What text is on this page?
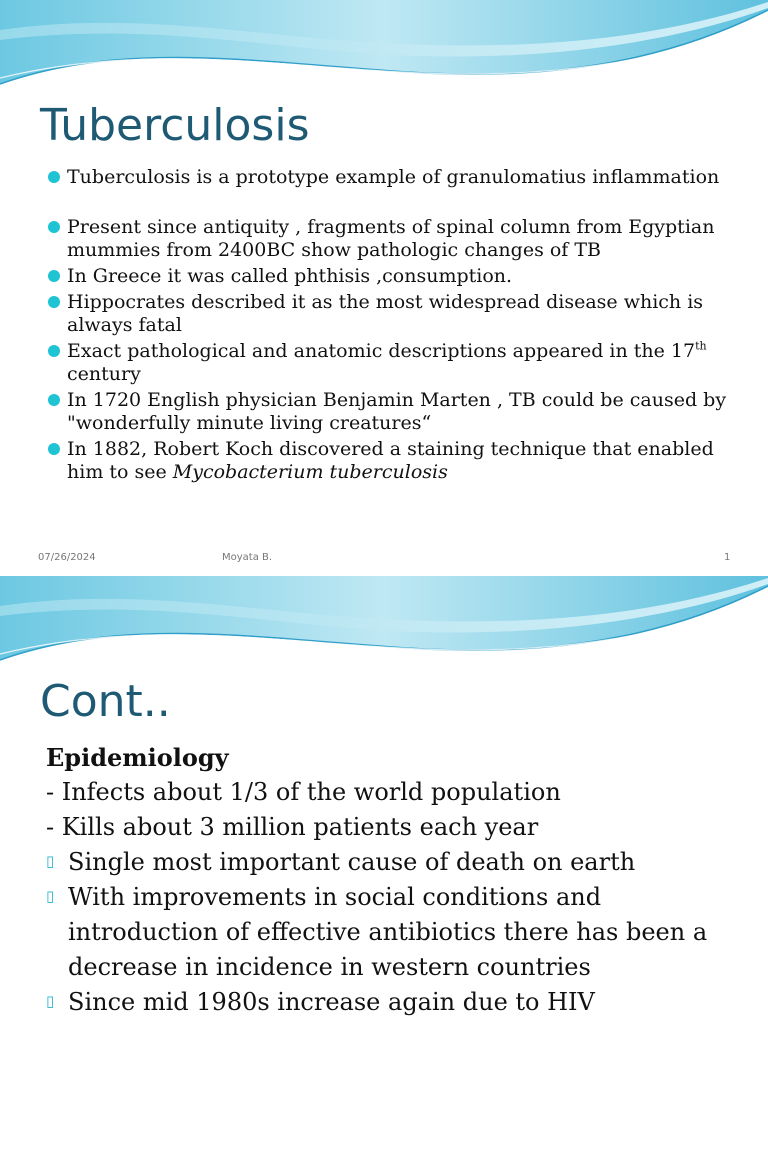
Tuberculosis
Tuberculosis is a prototype example of granulomatius inflammation
Present since antiquity , fragments of spinal column from Egyptian mummies from 2400BC show pathologic changes of TB
In Greece it was called phthisis ,consumption.
Hippocrates described it as the most widespread disease which is always fatal
Exact pathological and anatomic descriptions appeared in the 17th century
In 1720 English physician Benjamin Marten , TB could be caused by "wonderfully minute living creatures“
In 1882, Robert Koch discovered a staining technique that enabled him to see Mycobacterium tuberculosis
07/26/2024	Moyata B.	1
Cont..

Epidemiology

- Infects about 1/3 of the world population

- Kills about 3 million patients each year

▯ Single most important cause of death on earth
▯ With improvements in social conditions and introduction of effective antibiotics there has been a decrease in incidence in western countries
▯ Since mid 1980s increase again due to HIV
